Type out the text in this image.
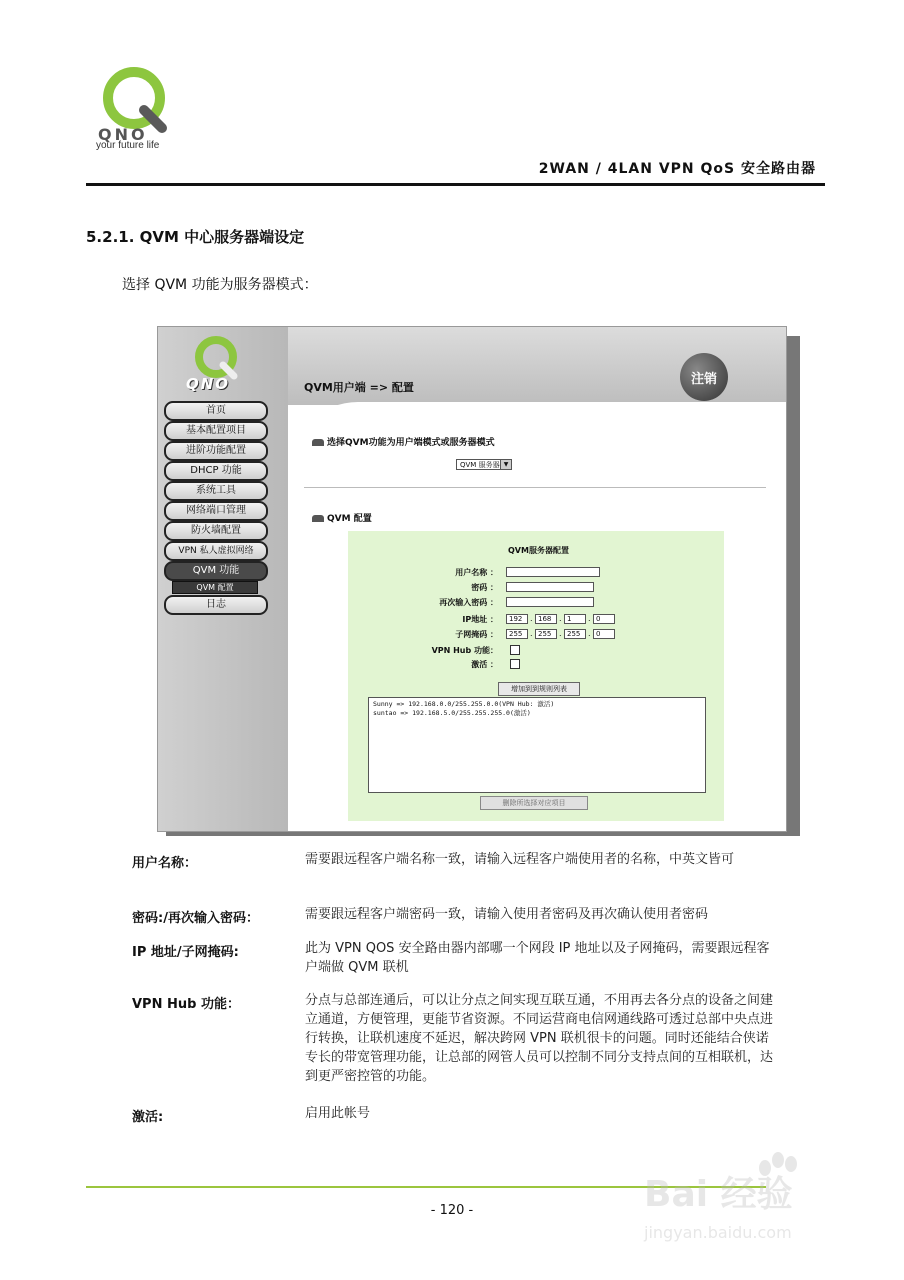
QNO
your future life
2WAN / 4LAN VPN QoS 安全路由器
5.2.1. QVM 中心服务器端设定
选择 QVM 功能为服务器模式：
QNO	注销
QVM用户端 => 配置
首页
基本配置项目
进阶功能配置
DHCP 功能
系统工具
网络端口管理
防火墙配置
VPN 私人虚拟网络
QVM 功能
QVM 配置
日志
选择QVM功能为用户端模式或服务器模式
QVM 服务器 ▼
QVM 配置
QVM服务器配置
用户名称 ：
密码 ：
再次输入密码 ：
IP地址 ：	192 . 168 . 1	. 0
子网掩码 ：	255 . 255 . 255 . 0
VPN Hub 功能：
激活 ：
增加到到规则列表
Sunny => 192.168.0.0/255.255.0.0(VPN Hub: 激活)
suntao => 192.168.5.0/255.255.255.0(激活)
删除所选择对应项目
用户名称：	需要跟远程客户端名称一致，请输入远程客户端使用者的名称，中英文皆可
密码:/再次输入密码：	需要跟远程客户端密码一致，请输入使用者密码及再次确认使用者密码
IP 地址/子网掩码:	此为 VPN QOS 安全路由器内部哪一个网段 IP 地址以及子网掩码，需要跟远程客户端做 QVM 联机
VPN Hub 功能：	分点与总部连通后，可以让分点之间实现互联互通，不用再去各分点的设备之间建立通道，方便管理，更能节省资源。不同运营商电信网通线路可透过总部中央点进行转换，让联机速度不延迟，解决跨网 VPN 联机很卡的问题。同时还能结合侠诺专长的带宽管理功能，让总部的网管人员可以控制不同分支持点间的互相联机，达到更严密控管的功能。
激活:	启用此帐号
- 120 -	Bai 经验
jingyan.baidu.com
